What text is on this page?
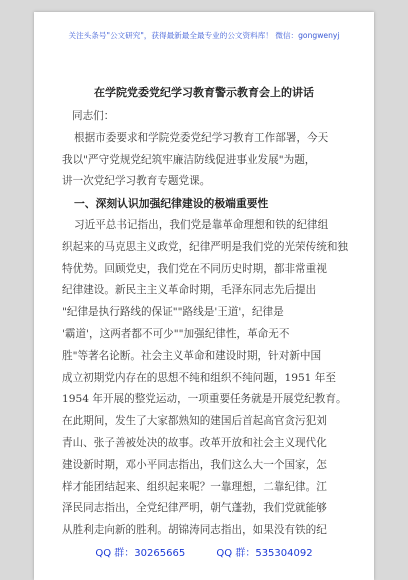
关注头条号"公文研究"，获得最新最全最专业的公文资料库！ 微信：gongwenyj
在学院党委党纪学习教育警示教育会上的讲话

同志们：

根据市委要求和学院党委党纪学习教育工作部署，今天
我以"严守党规党纪筑牢廉洁防线促进事业发展"为题，
讲一次党纪学习教育专题党课。

一、深刻认识加强纪律建设的极端重要性

习近平总书记指出，我们党是靠革命理想和铁的纪律组
织起来的马克思主义政党，纪律严明是我们党的光荣传统和独
特优势。回顾党史，我们党在不同历史时期，都非常重视
纪律建设。新民主主义革命时期，毛泽东同志先后提出
"纪律是执行路线的保证""路线是'王道'，纪律是
'霸道'，这两者都不可少""加强纪律性，革命无不
胜"等著名论断。社会主义革命和建设时期，针对新中国
成立初期党内存在的思想不纯和组织不纯问题，1951 年至
1954 年开展的整党运动，一项重要任务就是开展党纪教育。
在此期间，发生了大家都熟知的建国后首起高官贪污犯刘
青山、张子善被处决的故事。改革开放和社会主义现代化
建设新时期，邓小平同志指出，我们这么大一个国家，怎
样才能团结起来、组织起来呢？一靠理想，二靠纪律。江
泽民同志指出，全党纪律严明，朝气蓬勃，我们党就能够
从胜利走向新的胜利。胡锦涛同志指出，如果没有铁的纪

QQ 群：30265665	QQ 群：535304092
